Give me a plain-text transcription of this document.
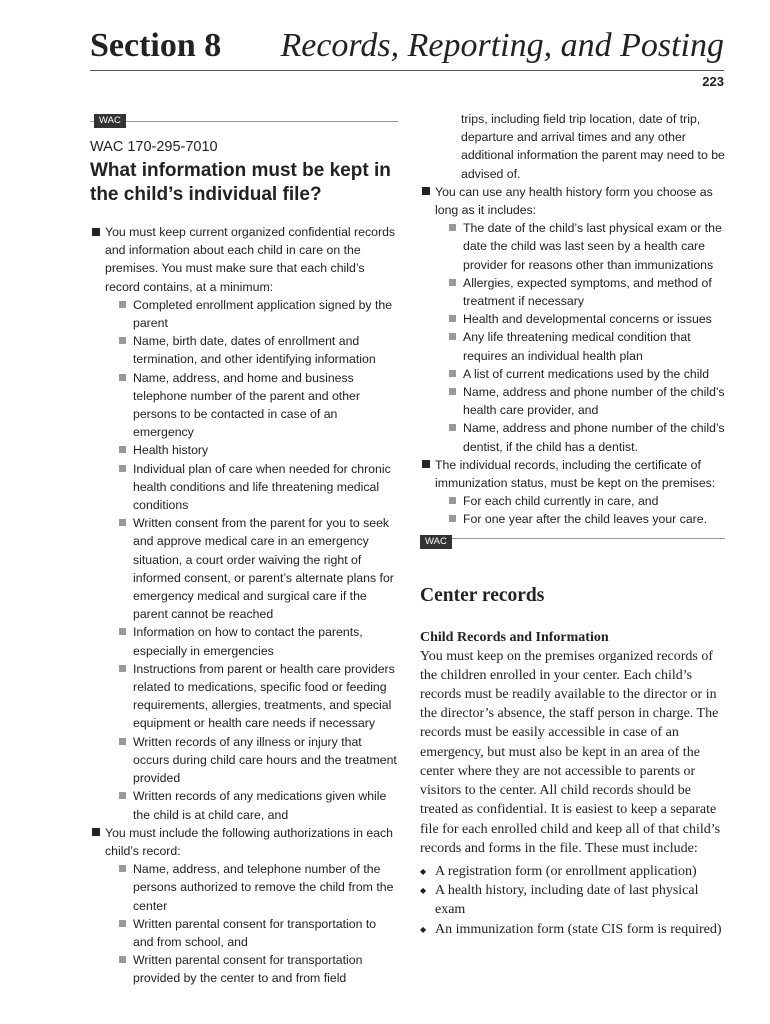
Section 8 Records, Reporting, and Posting
223
WAC
WAC 170-295-7010
What information must be kept in the child’s individual file?
You must keep current organized confidential records and information about each child in care on the premises. You must make sure that each child’s record contains, at a minimum:
Completed enrollment application signed by the parent
Name, birth date, dates of enrollment and termination, and other identifying information
Name, address, and home and business telephone number of the parent and other persons to be contacted in case of an emergency
Health history
Individual plan of care when needed for chronic health conditions and life threatening medical conditions
Written consent from the parent for you to seek and approve medical care in an emergency situation, a court order waiving the right of informed consent, or parent’s alternate plans for emergency medical and surgical care if the parent cannot be reached
Information on how to contact the parents, especially in emergencies
Instructions from parent or health care providers related to medications, specific food or feeding requirements, allergies, treatments, and special equipment or health care needs if necessary
Written records of any illness or injury that occurs during child care hours and the treatment provided
Written records of any medications given while the child is at child care, and
You must include the following authorizations in each child’s record:
Name, address, and telephone number of the persons authorized to remove the child from the center
Written parental consent for transportation to and from school, and
Written parental consent for transportation provided by the center to and from field
trips, including field trip location, date of trip, departure and arrival times and any other additional information the parent may need to be advised of.
You can use any health history form you choose as long as it includes:
The date of the child’s last physical exam or the date the child was last seen by a health care provider for reasons other than immunizations
Allergies, expected symptoms, and method of treatment if necessary
Health and developmental concerns or issues
Any life threatening medical condition that requires an individual health plan
A list of current medications used by the child
Name, address and phone number of the child’s health care provider, and
Name, address and phone number of the child’s dentist, if the child has a dentist.
The individual records, including the certificate of immunization status, must be kept on the premises:
For each child currently in care, and
For one year after the child leaves your care.
WAC
Center records
Child Records and Information
You must keep on the premises organized records of the children enrolled in your center. Each child’s records must be readily available to the director or in the director’s absence, the staff person in charge. The records must be easily accessible in case of an emergency, but must also be kept in an area of the center where they are not accessible to parents or visitors to the center. All child records should be treated as confidential. It is easiest to keep a separate file for each enrolled child and keep all of that child’s records and forms in the file. These must include:
◆ A registration form (or enrollment application)
◆ A health history, including date of last physical exam
◆ An immunization form (state CIS form is required)
